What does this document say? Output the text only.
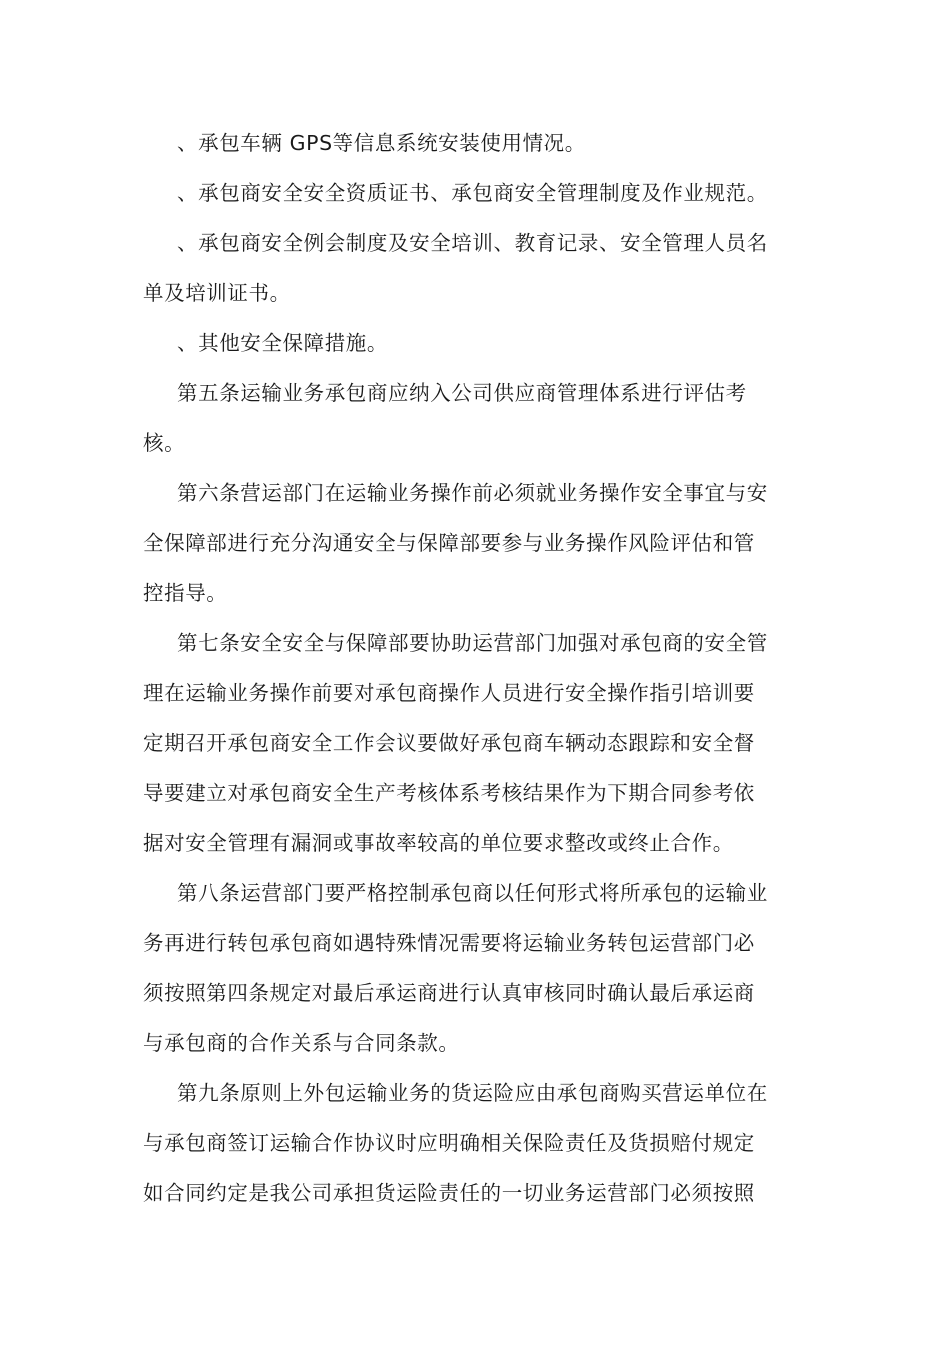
、承包车辆 GPS等信息系统安装使用情况。

、承包商安全安全资质证书、承包商安全管理制度及作业规范。

、承包商安全例会制度及安全培训、教育记录、安全管理人员名
单及培训证书。

、其他安全保障措施。

第五条运输业务承包商应纳入公司供应商管理体系进行评估考
核。

第六条营运部门在运输业务操作前必须就业务操作安全事宜与安
全保障部进行充分沟通安全与保障部要参与业务操作风险评估和管
控指导。

第七条安全安全与保障部要协助运营部门加强对承包商的安全管
理在运输业务操作前要对承包商操作人员进行安全操作指引培训要
定期召开承包商安全工作会议要做好承包商车辆动态跟踪和安全督
导要建立对承包商安全生产考核体系考核结果作为下期合同参考依
据对安全管理有漏洞或事故率较高的单位要求整改或终止合作。

第八条运营部门要严格控制承包商以任何形式将所承包的运输业
务再进行转包承包商如遇特殊情况需要将运输业务转包运营部门必
须按照第四条规定对最后承运商进行认真审核同时确认最后承运商
与承包商的合作关系与合同条款。

第九条原则上外包运输业务的货运险应由承包商购买营运单位在
与承包商签订运输合作协议时应明确相关保险责任及货损赔付规定
如合同约定是我公司承担货运险责任的一切业务运营部门必须按照
